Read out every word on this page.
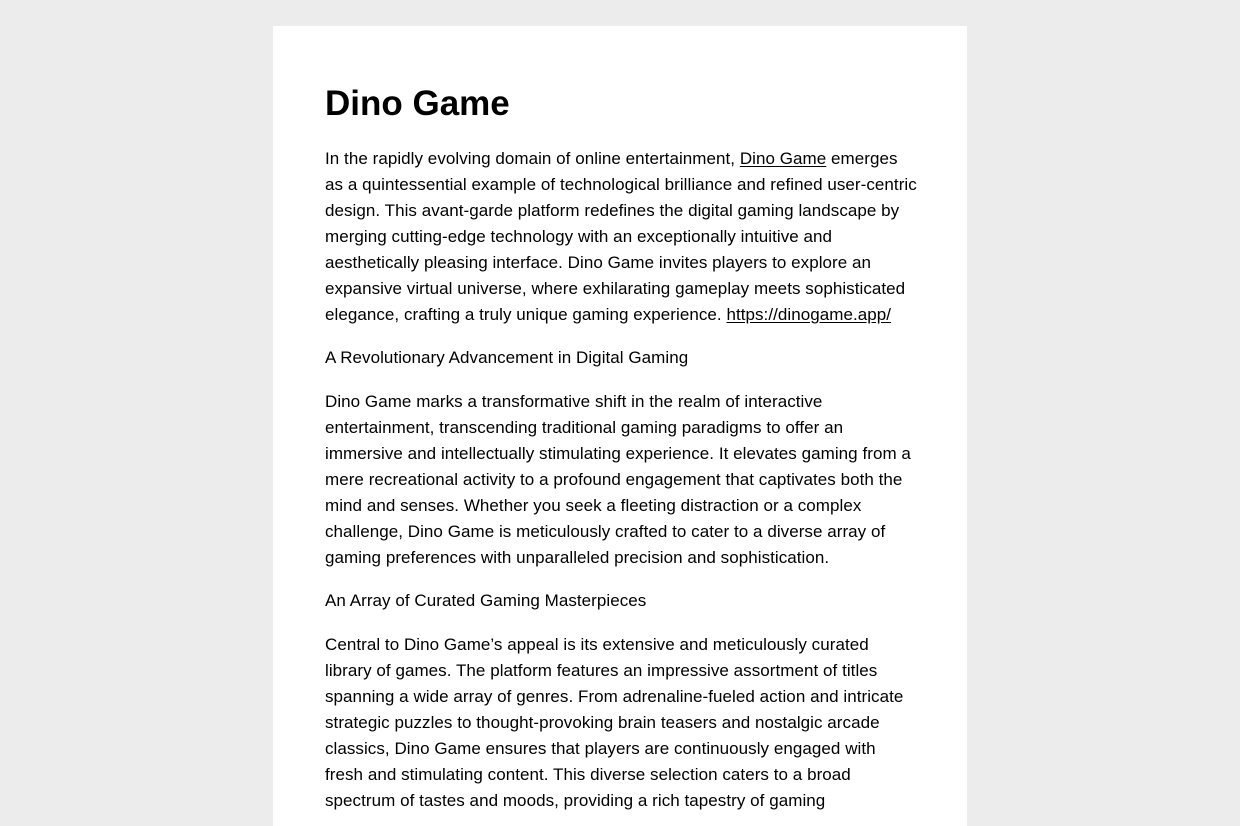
Dino Game

In the rapidly evolving domain of online entertainment, Dino Game emerges as a quintessential example of technological brilliance and refined user-centric design. This avant-garde platform redefines the digital gaming landscape by merging cutting-edge technology with an exceptionally intuitive and aesthetically pleasing interface. Dino Game invites players to explore an expansive virtual universe, where exhilarating gameplay meets sophisticated elegance, crafting a truly unique gaming experience. https://dinogame.app/

A Revolutionary Advancement in Digital Gaming

Dino Game marks a transformative shift in the realm of interactive entertainment, transcending traditional gaming paradigms to offer an immersive and intellectually stimulating experience. It elevates gaming from a mere recreational activity to a profound engagement that captivates both the mind and senses. Whether you seek a fleeting distraction or a complex challenge, Dino Game is meticulously crafted to cater to a diverse array of gaming preferences with unparalleled precision and sophistication.

An Array of Curated Gaming Masterpieces

Central to Dino Game’s appeal is its extensive and meticulously curated library of games. The platform features an impressive assortment of titles spanning a wide array of genres. From adrenaline-fueled action and intricate strategic puzzles to thought-provoking brain teasers and nostalgic arcade classics, Dino Game ensures that players are continuously engaged with fresh and stimulating content. This diverse selection caters to a broad spectrum of tastes and moods, providing a rich tapestry of gaming
